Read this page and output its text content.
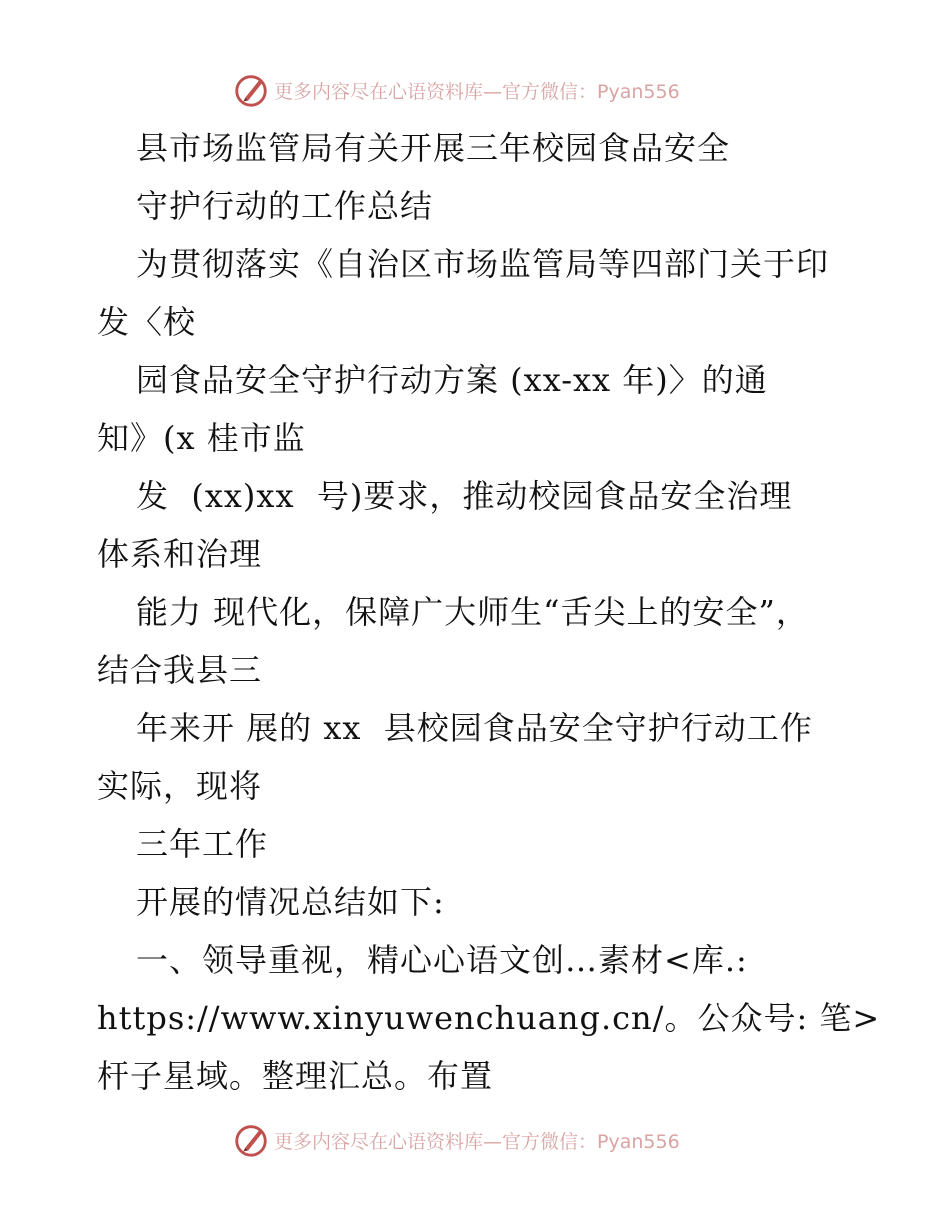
更多内容尽在心语资料库—官方微信：Pyan556
县市场监管局有关开展三年校园食品安全
守护行动的工作总结
为贯彻落实《自治区市场监管局等四部门关于印
发〈校
园食品安全守护行动方案 (xx-xx 年)〉的通
知》(x 桂市监
发  (xx)xx  号)要求，推动校园食品安全治理
体系和治理
能力 现代化，保障广大师生“舌尖上的安全”，
结合我县三
年来开 展的 xx  县校园食品安全守护行动工作
实际，现将
三年工作
开展的情况总结如下:
一、领导重视，精心心语文创…素材<库.:
https://www.xinyuwenchuang.cn/。公众号: 笔>
杆子星域。整理汇总。布置
更多内容尽在心语资料库—官方微信：Pyan556
